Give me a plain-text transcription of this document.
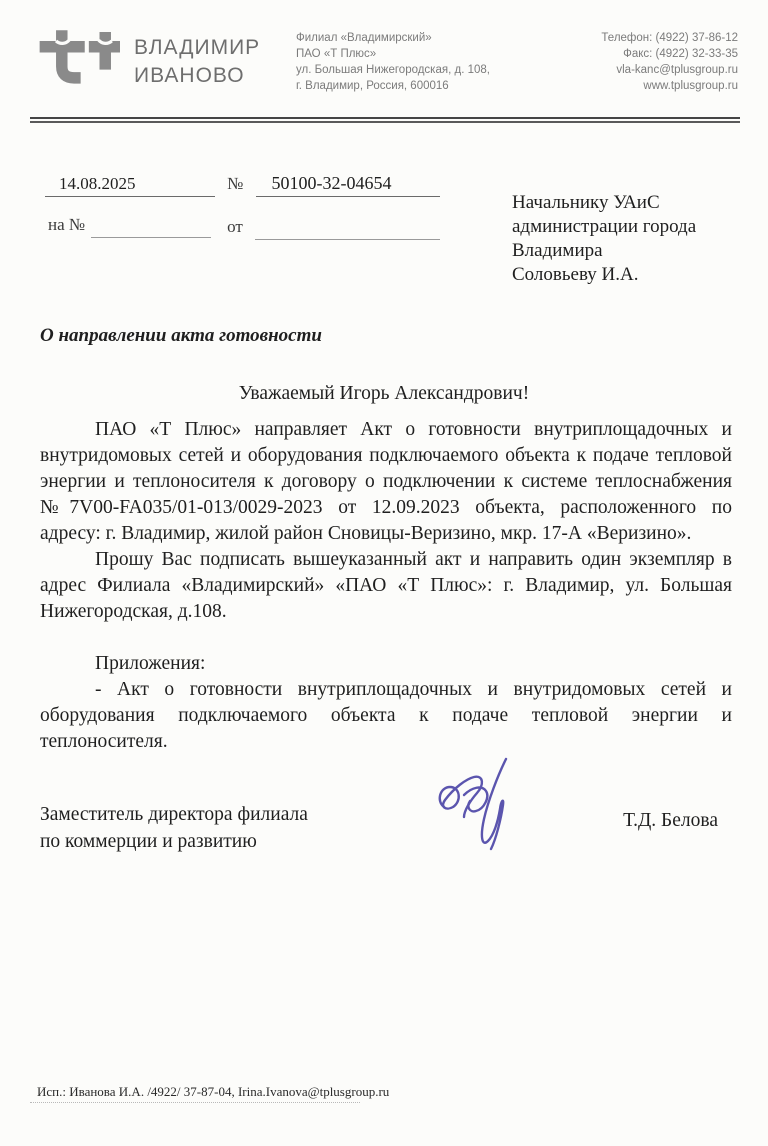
ВЛАДИМИР
ИВАНОВО
Филиал «Владимирский»
ПАО «Т Плюс»
ул. Большая Нижегородская, д. 108,
г. Владимир, Россия, 600016
Телефон: (4922) 37-86-12
Факс: (4922) 32-33-35
vla-kanc@tplusgroup.ru
www.tplusgroup.ru
14.08.2025	№	50100-32-04654
на №	от

Начальнику УАиС
администрации города
Владимира
Соловьеву И.А.
О направлении акта готовности
Уважаемый Игорь Александрович!

ПАО «Т Плюс» направляет Акт о готовности внутриплощадочных и внутридомовых сетей и оборудования подключаемого объекта к подаче тепловой энергии и теплоносителя к договору о подключении к системе теплоснабжения №7V00-FA035/01-013/0029-2023 от 12.09.2023 объекта, расположенного по адресу: г. Владимир, жилой район Сновицы-Веризино, мкр. 17-А «Веризино».

Прошу Вас подписать вышеуказанный акт и направить один экземпляр в адрес Филиала «Владимирский» «ПАО «Т Плюс»: г. Владимир, ул. Большая Нижегородская, д.108.

Приложения:

- Акт о готовности внутриплощадочных и внутридомовых сетей и оборудования подключаемого объекта к подаче тепловой энергии и теплоносителя.

Заместитель директора филиала
по коммерции и развитию
Т.Д. Белова
Исп.: Иванова И.А. /4922/ 37-87-04, Irina.Ivanova@tplusgroup.ru
